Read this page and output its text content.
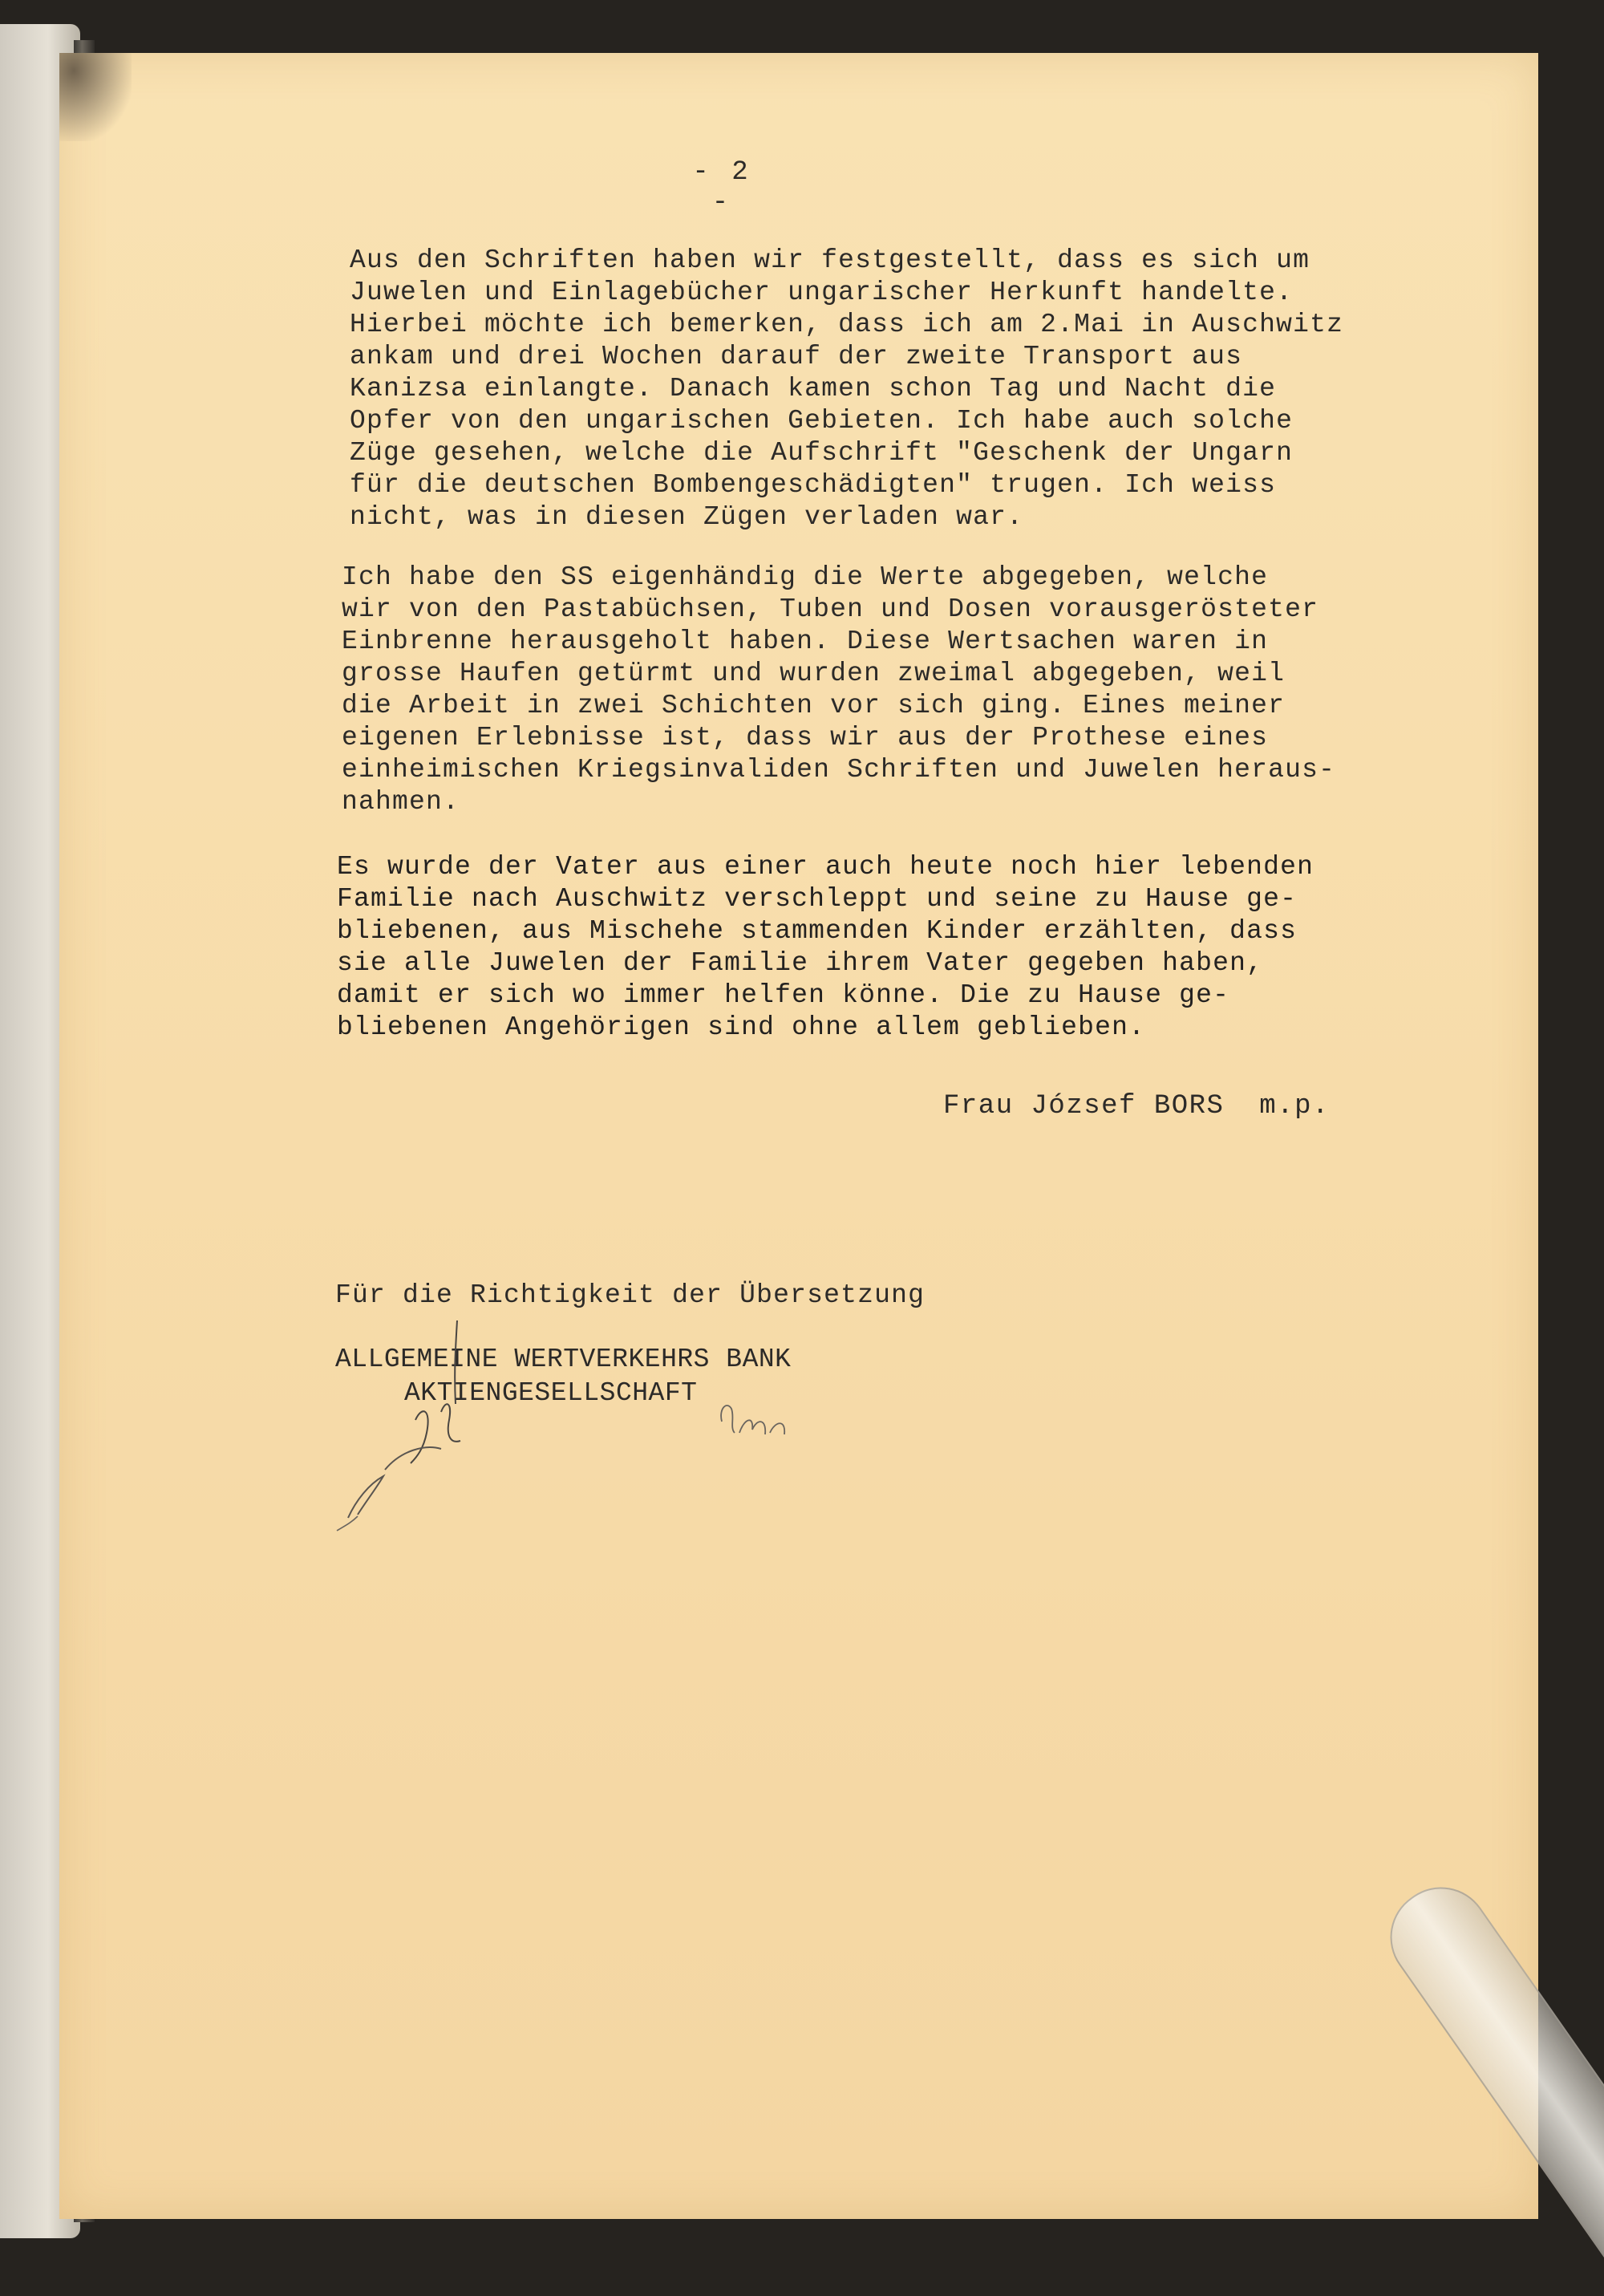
- 2 -
Aus den Schriften haben wir festgestellt, dass es sich um
Juwelen und Einlagebücher ungarischer Herkunft handelte.
Hierbei möchte ich bemerken, dass ich am 2.Mai in Auschwitz
ankam und drei Wochen darauf der zweite Transport aus
Kanizsa einlangte. Danach kamen schon Tag und Nacht die
Opfer von den ungarischen Gebieten. Ich habe auch solche
Züge gesehen, welche die Aufschrift "Geschenk der Ungarn
für die deutschen Bombengeschädigten" trugen. Ich weiss
nicht, was in diesen Zügen verladen war.
Ich habe den SS eigenhändig die Werte abgegeben, welche
wir von den Pastabüchsen, Tuben und Dosen vorausgerösteter
Einbrenne herausgeholt haben. Diese Wertsachen waren in
grosse Haufen getürmt und wurden zweimal abgegeben, weil
die Arbeit in zwei Schichten vor sich ging. Eines meiner
eigenen Erlebnisse ist, dass wir aus der Prothese eines
einheimischen Kriegsinvaliden Schriften und Juwelen heraus-
nahmen.
Es wurde der Vater aus einer auch heute noch hier lebenden
Familie nach Auschwitz verschleppt und seine zu Hause ge-
bliebenen, aus Mischehe stammenden Kinder erzählten, dass
sie alle Juwelen der Familie ihrem Vater gegeben haben,
damit er sich wo immer helfen könne. Die zu Hause ge-
bliebenen Angehörigen sind ohne allem geblieben.
Frau József BORS  m.p.
Für die Richtigkeit der Übersetzung
ALLGEMEINE WERTVERKEHRS BANK
AKTIENGESELLSCHAFT
